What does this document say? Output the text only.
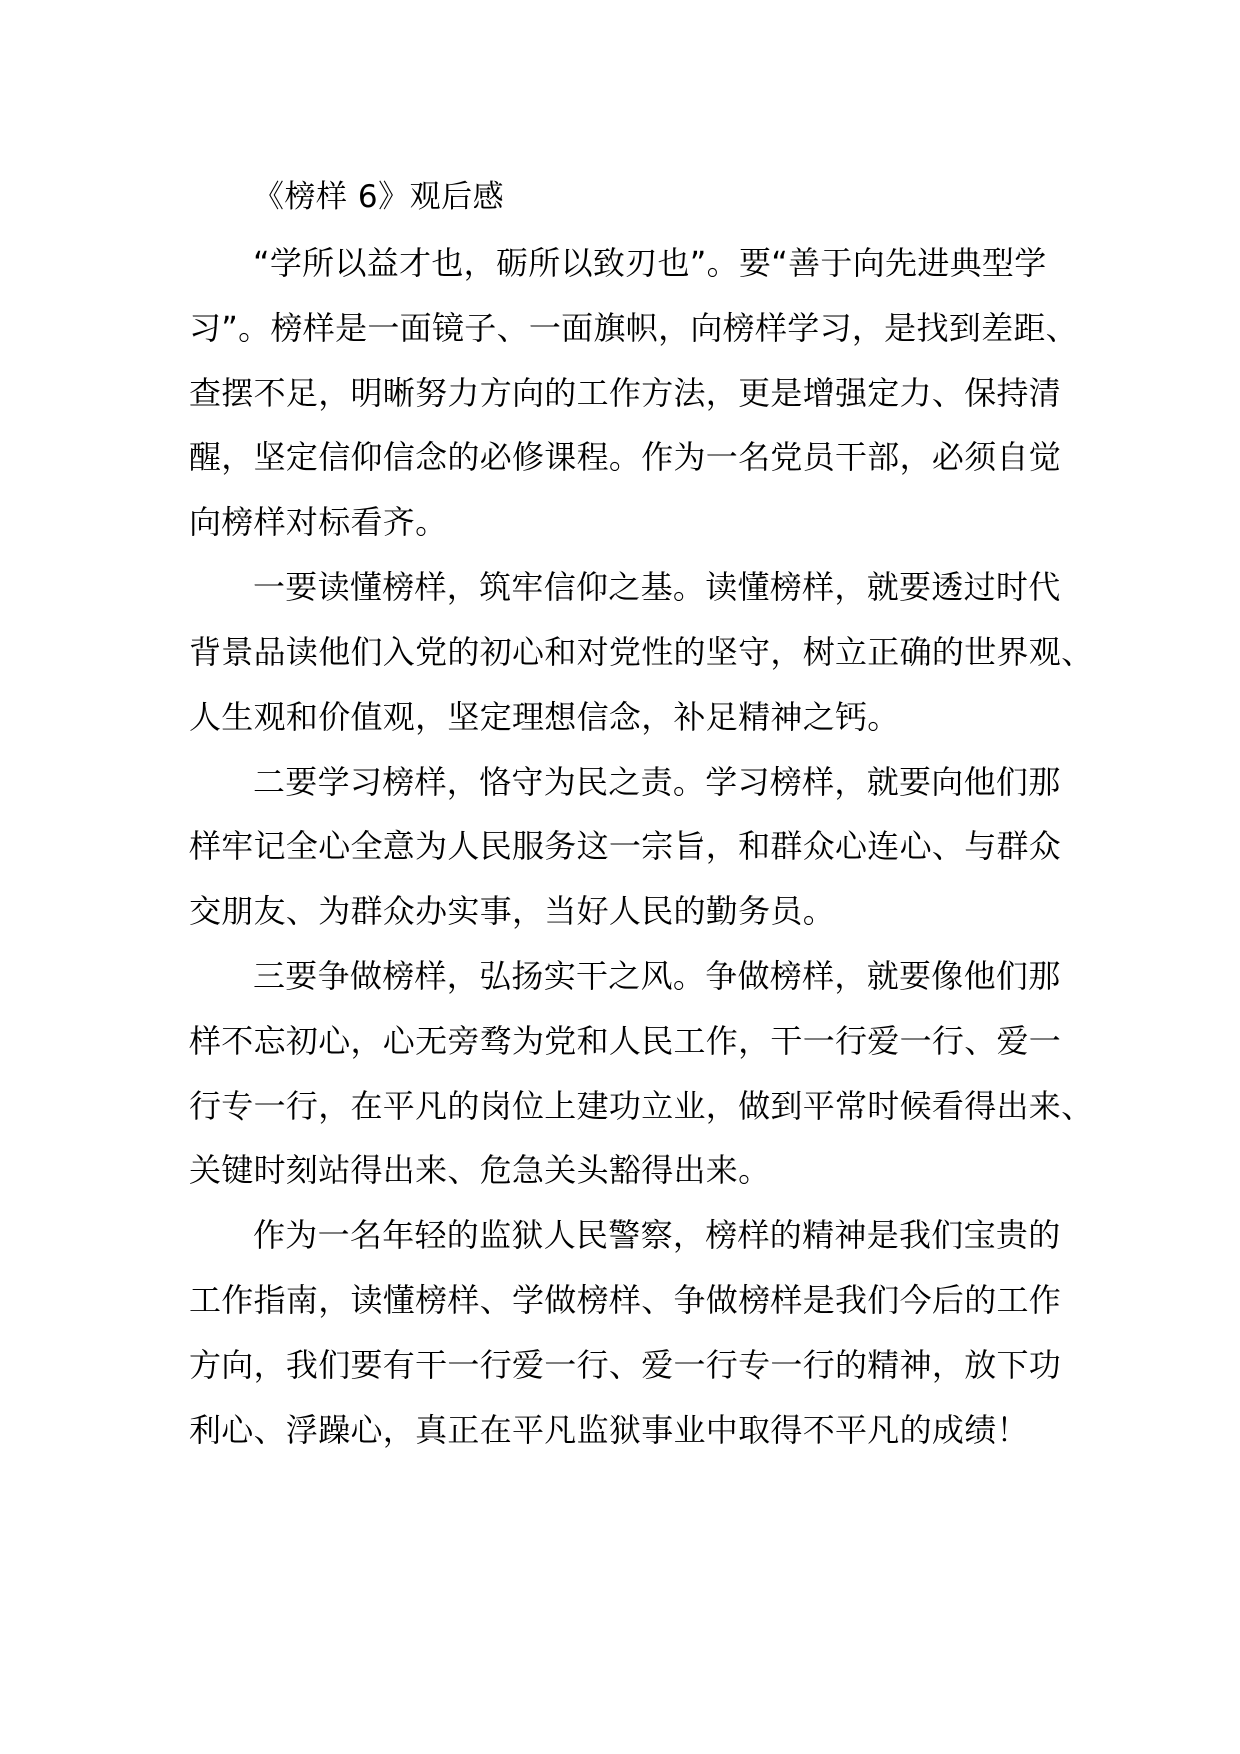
《榜样 6》观后感
“学所以益才也，砺所以致刃也”。要“善于向先进典型学
习”。榜样是一面镜子、一面旗帜，向榜样学习，是找到差距、
查摆不足，明晰努力方向的工作方法，更是增强定力、保持清
醒，坚定信仰信念的必修课程。作为一名党员干部，必须自觉
向榜样对标看齐。
一要读懂榜样，筑牢信仰之基。读懂榜样，就要透过时代
背景品读他们入党的初心和对党性的坚守，树立正确的世界观、
人生观和价值观，坚定理想信念，补足精神之钙。
二要学习榜样，恪守为民之责。学习榜样，就要向他们那
样牢记全心全意为人民服务这一宗旨，和群众心连心、与群众
交朋友、为群众办实事，当好人民的勤务员。
三要争做榜样，弘扬实干之风。争做榜样，就要像他们那
样不忘初心，心无旁骛为党和人民工作，干一行爱一行、爱一
行专一行，在平凡的岗位上建功立业，做到平常时候看得出来、
关键时刻站得出来、危急关头豁得出来。
作为一名年轻的监狱人民警察，榜样的精神是我们宝贵的
工作指南，读懂榜样、学做榜样、争做榜样是我们今后的工作
方向，我们要有干一行爱一行、爱一行专一行的精神，放下功
利心、浮躁心，真正在平凡监狱事业中取得不平凡的成绩！
